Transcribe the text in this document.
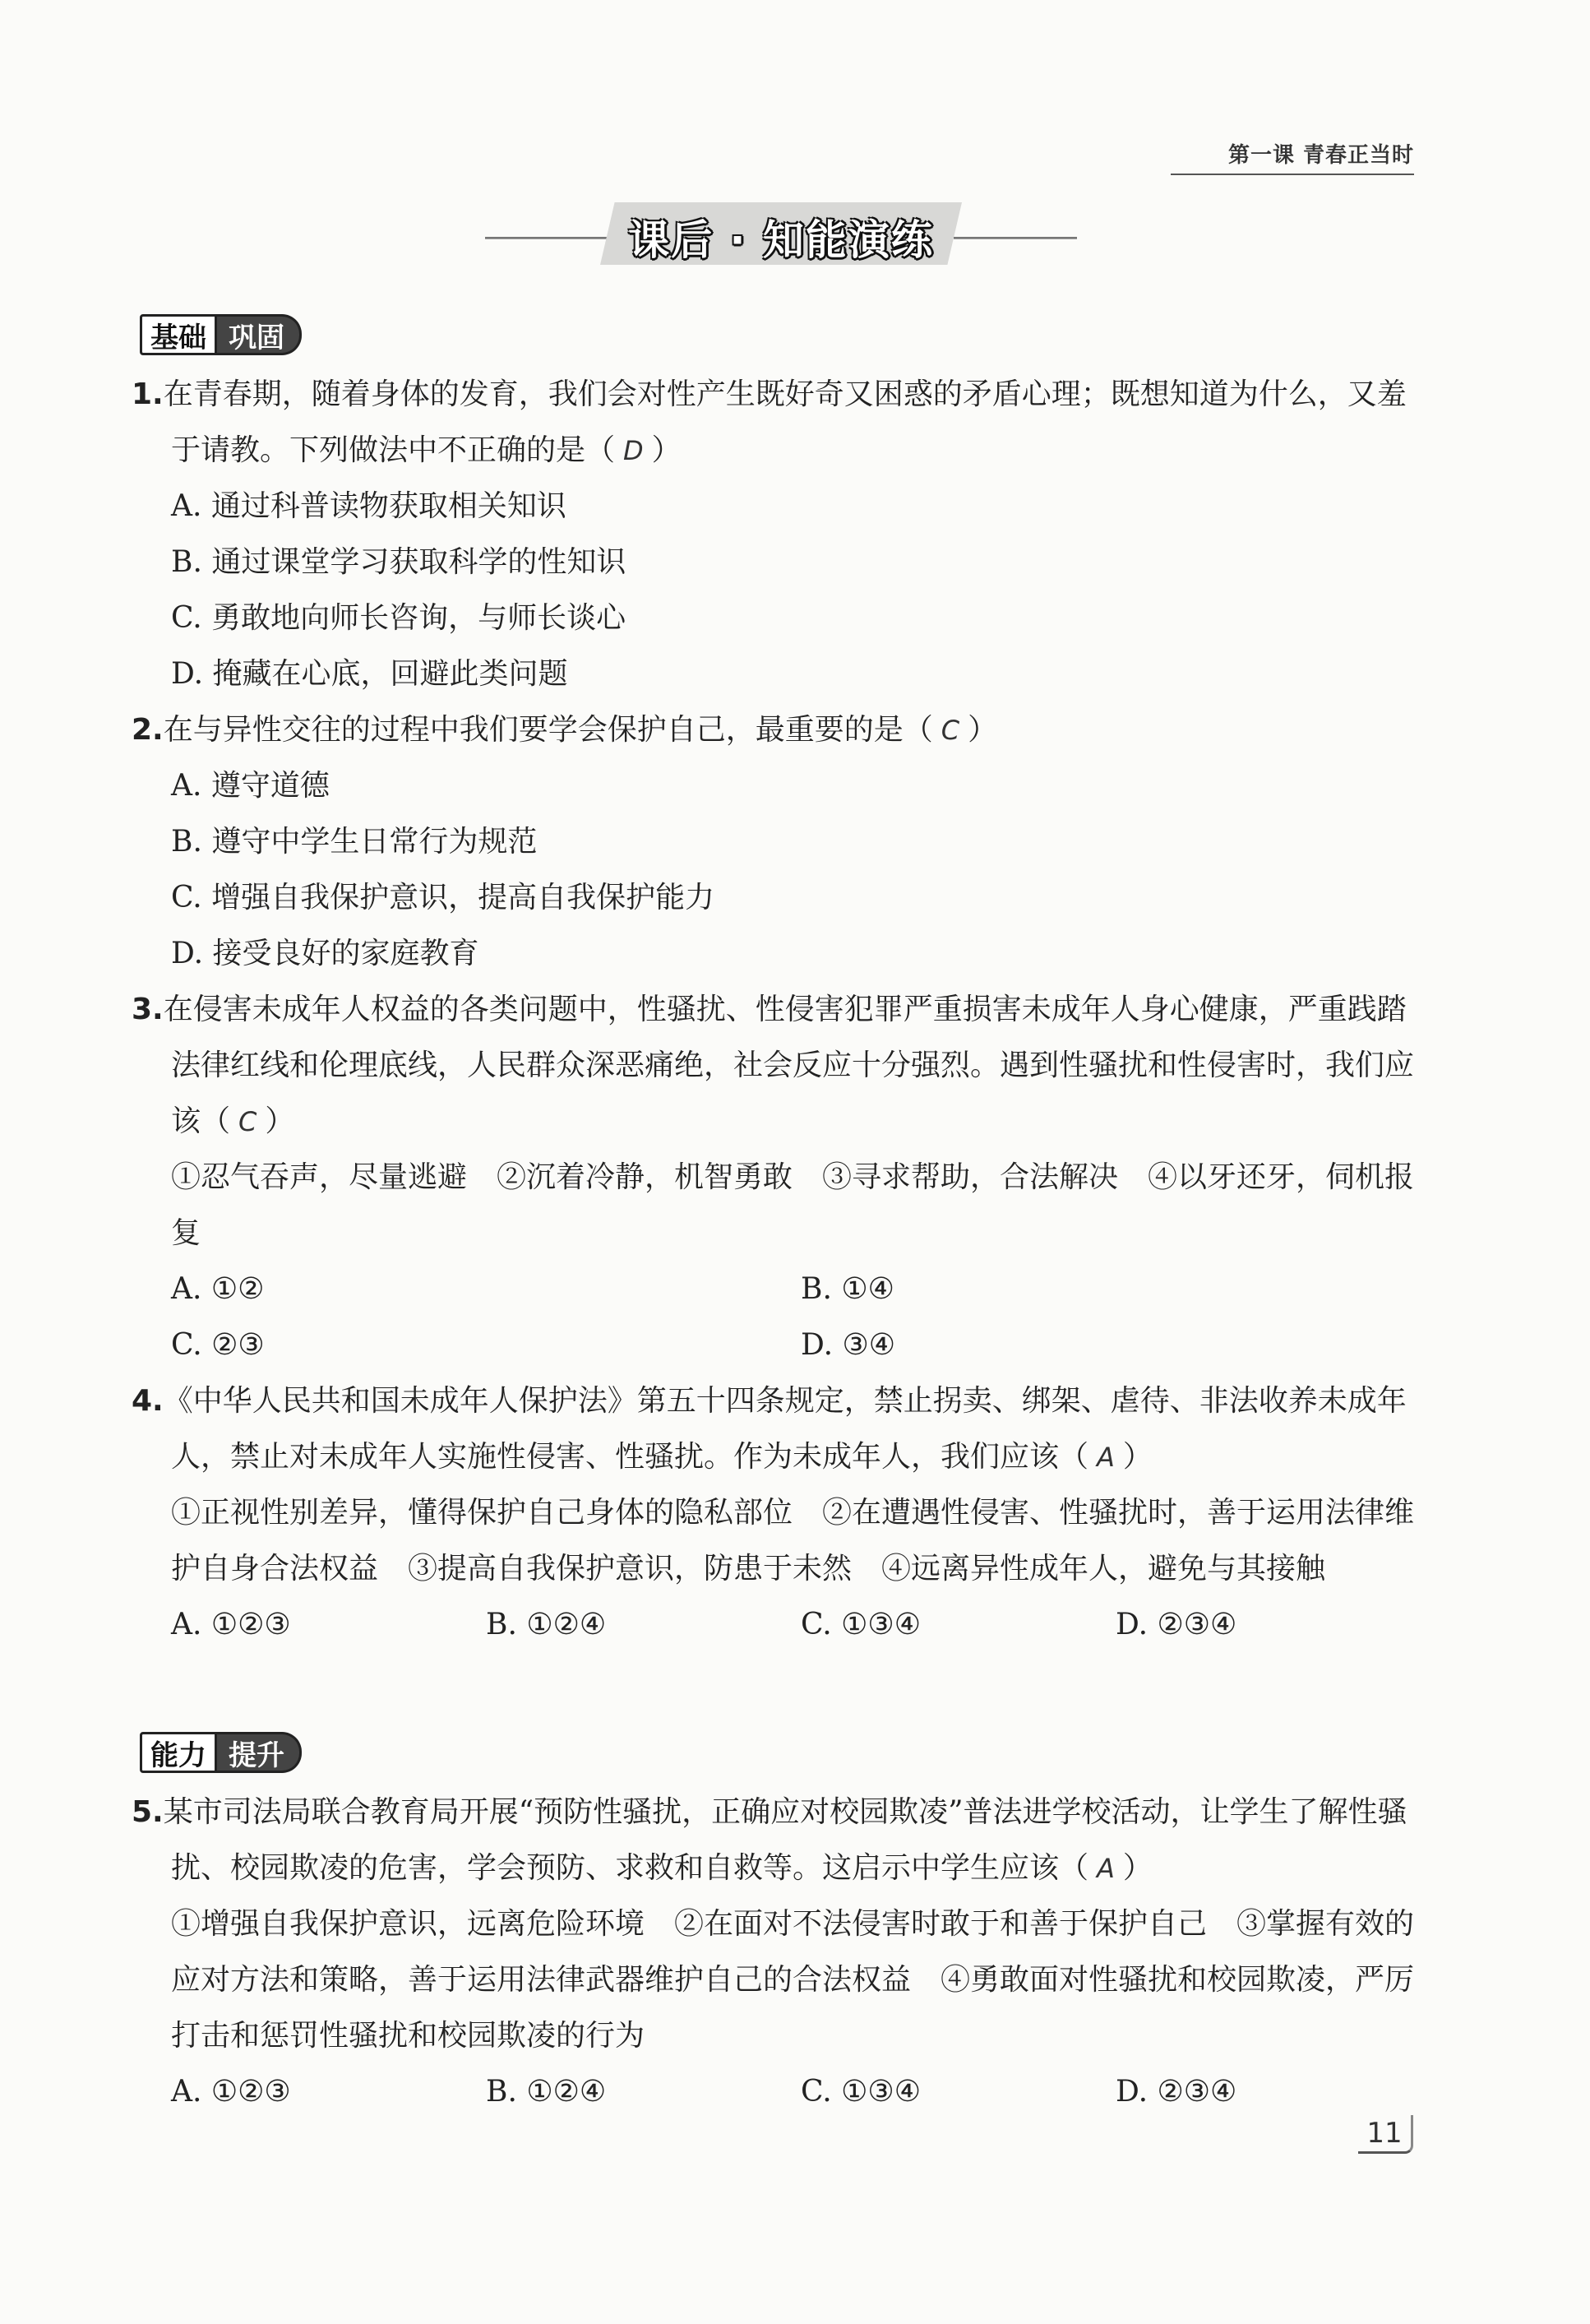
第一课 青春正当时
课后 · 知能演练
基础 巩固
1.在青春期，随着身体的发育，我们会对性产生既好奇又困惑的矛盾心理；既想知道为什么，又羞于请教。下列做法中不正确的是（ D ）
A. 通过科普读物获取相关知识
B. 通过课堂学习获取科学的性知识
C. 勇敢地向师长咨询，与师长谈心
D. 掩藏在心底，回避此类问题
2.在与异性交往的过程中我们要学会保护自己，最重要的是（ C ）
A. 遵守道德
B. 遵守中学生日常行为规范
C. 增强自我保护意识，提高自我保护能力
D. 接受良好的家庭教育
3.在侵害未成年人权益的各类问题中，性骚扰、性侵害犯罪严重损害未成年人身心健康，严重践踏法律红线和伦理底线，人民群众深恶痛绝，社会反应十分强烈。遇到性骚扰和性侵害时，我们应该（ C ）
①忍气吞声，尽量逃避　②沉着冷静，机智勇敢　③寻求帮助，合法解决　④以牙还牙，伺机报复
A. ①②	B. ①④
C. ②③	D. ③④
4.《中华人民共和国未成年人保护法》第五十四条规定，禁止拐卖、绑架、虐待、非法收养未成年人，禁止对未成年人实施性侵害、性骚扰。作为未成年人，我们应该（ A ）
①正视性别差异，懂得保护自己身体的隐私部位　②在遭遇性侵害、性骚扰时，善于运用法律维护自身合法权益　③提高自我保护意识，防患于未然　④远离异性成年人，避免与其接触
A. ①②③	B. ①②④	C. ①③④	D. ②③④
能力 提升
5.某市司法局联合教育局开展“预防性骚扰，正确应对校园欺凌”普法进学校活动，让学生了解性骚扰、校园欺凌的危害，学会预防、求救和自救等。这启示中学生应该（ A ）
①增强自我保护意识，远离危险环境　②在面对不法侵害时敢于和善于保护自己　③掌握有效的应对方法和策略，善于运用法律武器维护自己的合法权益　④勇敢面对性骚扰和校园欺凌，严厉打击和惩罚性骚扰和校园欺凌的行为
A. ①②③	B. ①②④	C. ①③④	D. ②③④
11
